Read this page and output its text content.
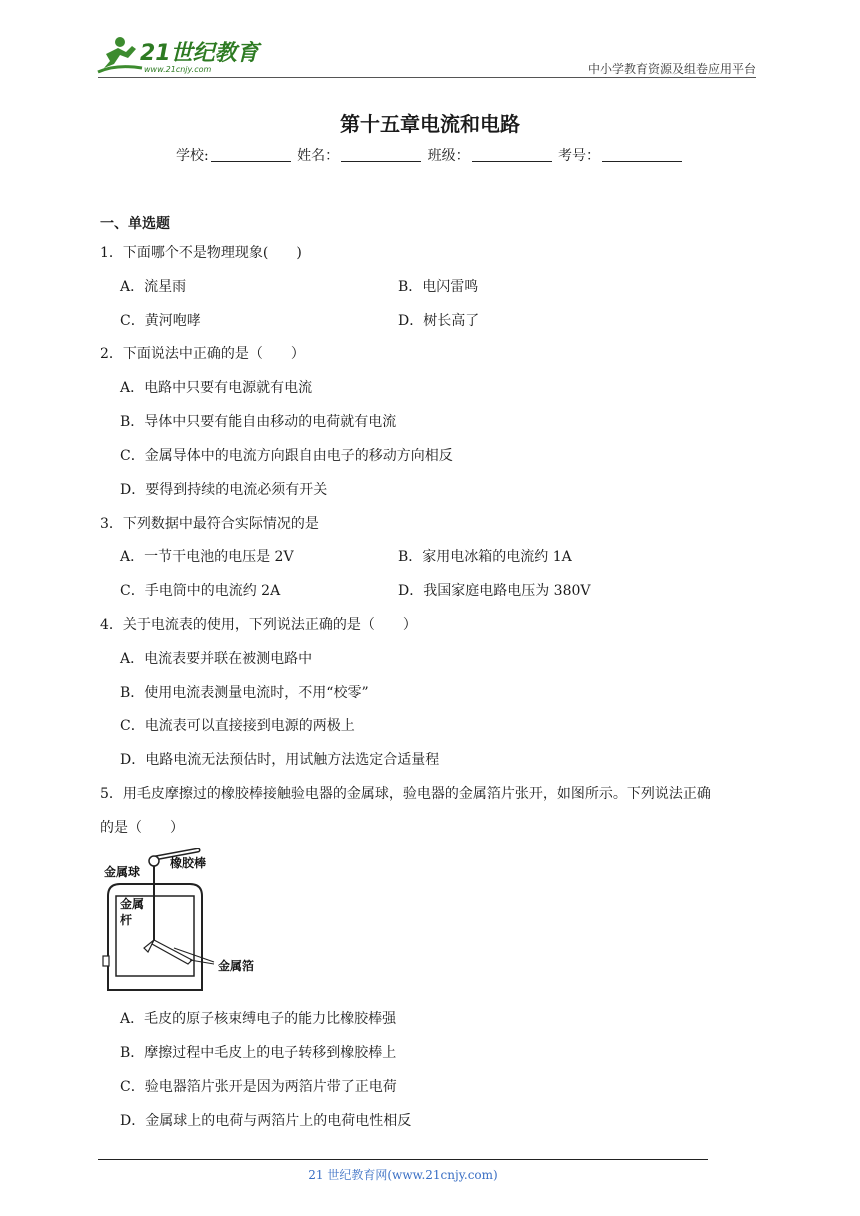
21世纪教育
www.21cnjy.com	中小学教育资源及组卷应用平台
第十五章电流和电路
学校:	姓名：	班级：	考号：
一、单选题
1．下面哪个不是物理现象(　　)
A．流星雨	B．电闪雷鸣
C．黄河咆哮	D．树长高了
2．下面说法中正确的是（　　）
A．电路中只要有电源就有电流
B．导体中只要有能自由移动的电荷就有电流
C．金属导体中的电流方向跟自由电子的移动方向相反
D．要得到持续的电流必须有开关
3．下列数据中最符合实际情况的是
A．一节干电池的电压是 2V	B．家用电冰箱的电流约 1A
C．手电筒中的电流约 2A	D．我国家庭电路电压为 380V
4．关于电流表的使用，下列说法正确的是（　　）
A．电流表要并联在被测电路中
B．使用电流表测量电流时，不用“校零”
C．电流表可以直接接到电源的两极上
D．电路电流无法预估时，用试触方法选定合适量程
5．用毛皮摩擦过的橡胶棒接触验电器的金属球，验电器的金属箔片张开，如图所示。下列说法正确
的是（　　）
金属球
橡胶棒
金属
杆
金属箔
A．毛皮的原子核束缚电子的能力比橡胶棒强
B．摩擦过程中毛皮上的电子转移到橡胶棒上
C．验电器箔片张开是因为两箔片带了正电荷
D．金属球上的电荷与两箔片上的电荷电性相反
21 世纪教育网(www.21cnjy.com)
